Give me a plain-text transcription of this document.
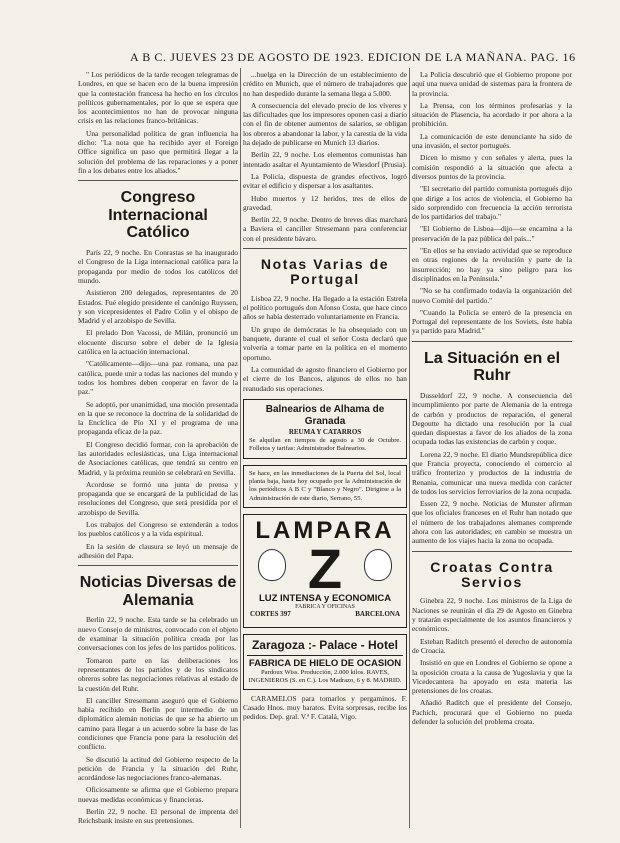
A B C. JUEVES 23 DE AGOSTO DE 1923. EDICION DE LA MAÑANA. PAG. 16

" Los periódicos de la tarde recogen telegramas de Londres, en que se hacen eco de la buena impresión que la contestación francesa ha hecho en los círculos políticos gubernamentales, por lo que se espera que los acontecimientos no han de provocar ninguna crisis en las relaciones franco-británicas.

Una personalidad política de gran influencia ha dicho: "La nota que ha recibido ayer el Foreign Office significa un paso que permitirá llegar a la solución del problema de las reparaciones y a poner fin a los debates entre los aliados."

Congreso Internacional Católico

París 22, 9 noche. En Conrastas se ha inaugurado el Congreso de la Liga internacional católica para la propaganda por medio de todos los católicos del mundo.

Asistieron 200 delegados, representantes de 20 Estados. Fué elegido presidente el canónigo Ruyssen, y son vicepresidentes el Padre Colin y el obispo de Madrid y el arzobispo de Sevilla.

El prelado Don Vacossi, de Milán, pronunció un elocuente discurso sobre el deber de la Iglesia católica en la actuación internacional.

"Católicamente—dijo—una paz romana, una paz católica, puede unir a todas las naciones del mundo y todos los hombres deben cooperar en favor de la paz."

Se adoptó, por unanimidad, una moción presentada en la que se reconoce la doctrina de la solidaridad de la Encíclica de Pío XI y el programa de una propaganda eficaz de la paz.

El Congreso decidió formar, con la aprobación de las autoridades eclesiásticas, una Liga internacional de Asociaciones católicas, que tendrá su centro en Madrid, y la próxima reunión se celebrará en Sevilla.

Acordose se formó una junta de prensa y propaganda que se encargará de la publicidad de las resoluciones del Congreso, que será presidida por el arzobispo de Sevilla.

Los trabajos del Congreso se extenderán a todos los pueblos católicos y a la vida espiritual.

En la sesión de clausura se leyó un mensaje de adhesión del Papa.

Noticias Diversas de Alemania

Berlín 22, 9 noche. Esta tarde se ha celebrado un nuevo Consejo de ministros, convocado con el objeto de examinar la situación política creada por las conversaciones con los jefes de los partidos políticos.

Tomaron parte en las deliberaciones los representantes de los partidos y de los sindicatos obreros sobre las negociaciones relativas al estado de la cuestión del Ruhr.

El canciller Stresemann aseguró que el Gobierno había recibido en Berlín por intermedio de un diplomático alemán noticias de que se ha abierto un camino para llegar a un acuerdo sobre la base de las condiciones que Francia pone para la resolución del conflicto.

Se discutió la actitud del Gobierno respecto de la petición de Francia y la situación del Ruhr, acordándose las negociaciones franco-alemanas.

Oficiosamente se afirma que el Gobierno prepara nuevas medidas económicas y financieras.

Berlín 22, 9 noche. El personal de imprenta del Reichsbank insiste en sus pretensiones.

...huelga en la Dirección de un establecimiento de crédito en Munich, que el número de trabajadores que no han despedido durante la semana llega a 5.000.

A consecuencia del elevado precio de los víveres y las dificultades que los impresores oponen casi a diario con el fin de obtener aumentos de salarios, se obligan los obreros a abandonar la labor, y la carestía de la vida ha dejado de publicarse en Munich 13 diarios.

Berlín 22, 9 noche. Los elementos comunistas han intentado asaltar el Ayuntamiento de Wiesdorf (Prusia).

La Policía, dispuesta de grandes efectivos, logró evitar el edificio y dispersar a los asaltantes.

Hubo muertos y 12 heridos, tres de ellos de gravedad.

Berlín 22, 9 noche. Dentro de breves días marchará a Baviera el canciller Stresemann para conferenciar con el presidente bávaro.

Notas Varias de Portugal

Lisboa 22, 9 noche. Ha llegado a la estación Estrela el político portugués don Afonso Costa, que hace cinco años se había desterrado voluntariamente en Francia.

Un grupo de demócratas le ha obsequiado con un banquete, durante el cual el señor Costa declaró que volvería a tomar parte en la política en el momento oportuno.

La comunidad de agosto financiero el Gobierno por el cierre de los Bancos, algunos de ellos no han reanudado sus operaciones.

Balnearios de Alhama de Granada
REUMA Y CATARROS
Se alquilan en tiempos de agosto a 30 de Octubre. Folletos y tarifas: Administrador Balnearios.
Se hace, en las inmediaciones de la Puerta del Sol, local planta baja, hasta hoy ocupado por la Administración de los periódicos A B C y "Blanco y Negro". Dirigirse a la Administración de este diario, Serrano, 55.
LAMPARA
Z
LUZ INTENSA y ECONOMICA
FABRICA Y OFICINAS
CORTES 397	BARCELONA
Zaragoza :- Palace - Hotel
FABRICA DE HIELO DE OCASION
Pardoux Wiss. Producción, 2.000 kilos. RAVES, INGENIEROS (S. en C.). Los Madrazo, 6 y 8. MADRID.

CARAMELOS para tomarlos y pergaminos. F. Casado Hnos. muy baratos. Evita sorpresas, recibe los pedidos. Dep. gral. V.ª F. Catalá, Vigo.

La Policía descubrió que el Gobierno propone por aquí una nueva unidad de sistemas para la frontera de la provincia.

La Prensa, con los términos profesarías y la situación de Plasencia, ha acordado ir por ahora a la prohibición.

La comunicación de este denunciante ha sido de una invasión, el sector portugués.

Dicen lo mismo y con señales y alerta, pues la comisión respondió a la situación que afecta a diversos puntos de la provincia.

"El secretario del partido comunista portugués dijo que dirige a los actos de violencia, el Gobierno ha sido sorprendido con frecuencia la acción terrorista de los partidarios del trabajo."

"El Gobierno de Lisboa—dijo—se encamina a la preservación de la paz pública del país..."

"En ellos se ha enviado actividad que se reproduce en otras regiones de la revolución y parte de la insurrección; no hay ya sino peligro para los disciplinados en la Península."

"No se ha confirmado todavía la organización del nuevo Comité del partido."

"Cuando la Policía se enteró de la presencia en Portugal del representante de los Soviets, éste había ya partido para Madrid."

La Situación en el Ruhr

Dusseldorf 22, 9 noche. A consecuencia del incumplimiento por parte de Alemania de la entrega de carbón y productos de reparación, el general Degoutte ha dictado una resolución por la cual quedan dispuestas a favor de los aliados de la zona ocupada todas las existencias de carbón y coque.

Lorena 22, 9 noche. El diario Mundsrepública dice que Francia proyecta, conociendo el comercio al tráfico fronterizo y productos de la industria de Renania, comunicar una nueva medida con carácter de todos los servicios ferroviarios de la zona ocupada.

Essen 22, 9 noche. Noticias de Munster afirman que los oficiales franceses en el Ruhr han notado que el número de los trabajadores alemanes comprende ahora con las autoridades; en cambio se muestra un aumento de los viajes hacia la zona no ocupada.

Croatas Contra Servios

Ginebra 22, 9 noche. Los ministros de la Liga de Naciones se reunirán el día 29 de Agosto en Ginebra y tratarán especialmente de los asuntos financieros y económicos.

Esteban Raditch presentó el derecho de autonomía de Croacia.

Insistió en que en Londres el Gobierno se opone a la oposición croata a la causa de Yugoslavia y que la Vicedecantera ha apoyado en esta materia las pretensiones de los croatas.

Añadió Raditch que el presidente del Consejo, Pachich, procurará que el Gobierno no pueda defender la solución del problema croata.
